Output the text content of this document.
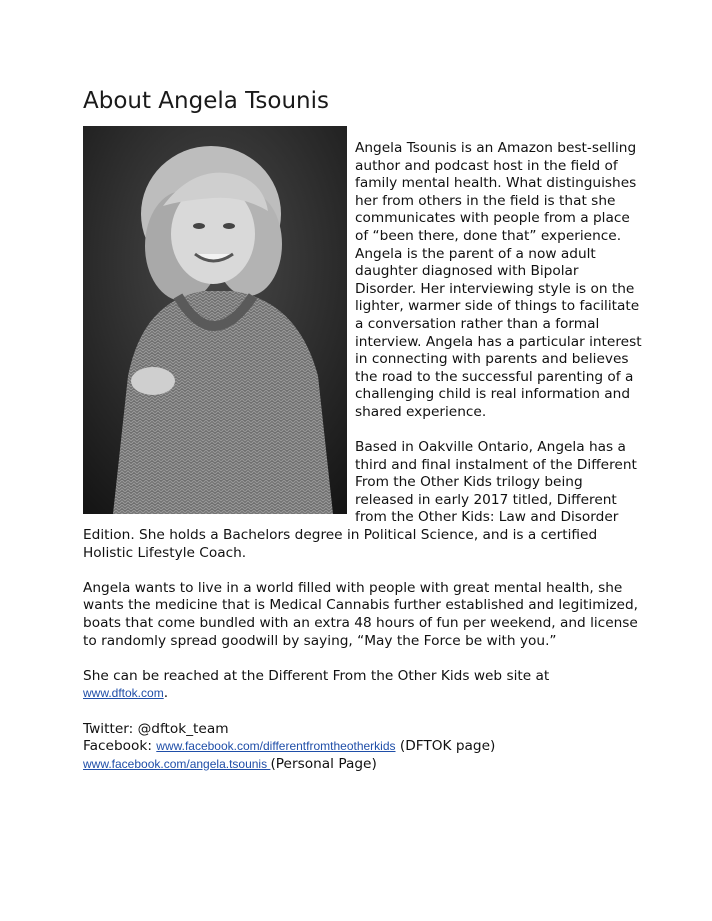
About Angela Tsounis

Angela Tsounis is an Amazon best-selling author and podcast host in the field of family mental health. What distinguishes her from others in the field is that she communicates with people from a place of “been there, done that” experience. Angela is the parent of a now adult daughter diagnosed with Bipolar Disorder. Her interviewing style is on the lighter, warmer side of things to facilitate a conversation rather than a formal interview. Angela has a particular interest in connecting with parents and believes the road to the successful parenting of a challenging child is real information and shared experience.

Based in Oakville Ontario, Angela has a third and final instalment of the Different From the Other Kids trilogy being released in early 2017 titled, Different from the Other Kids: Law and Disorder Edition. She holds a Bachelors degree in Political Science, and is a certified Holistic Lifestyle Coach.

Angela wants to live in a world filled with people with great mental health, she wants the medicine that is Medical Cannabis further established and legitimized, boats that come bundled with an extra 48 hours of fun per weekend, and license to randomly spread goodwill by saying, “May the Force be with you.”

She can be reached at the Different From the Other Kids web site at
www.dftok.com.

Twitter: @dftok_team
Facebook: www.facebook.com/differentfromtheotherkids (DFTOK page)
www.facebook.com/angela.tsounis (Personal Page)
